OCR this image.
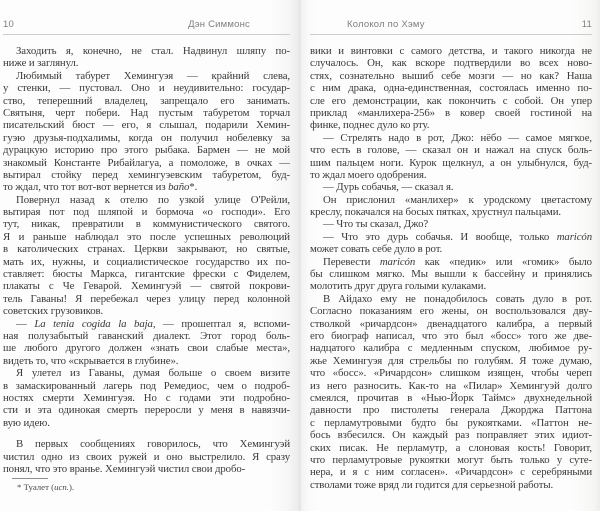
10	Дэн Симмонс
Заходить я, конечно, не стал. Надвинул шляпу по-
ниже и заглянул.
Любимый табурет Хемингуэя — крайний слева,
у стенки, — пустовал. Оно и неудивительно: государ-
ство, теперешний владелец, запрещало его занимать.
Святыня, черт побери. Над пустым табуретом торчал
писательский бюст — его, я слышал, подарили Хемин-
гуэю друзья-подхалимы, когда он получил нобелевку за
дурацкую историю про этого рыбака. Бармен — не мой
знакомый Константе Рибайлагуа, а помоложе, в очках —
вытирал стойку перед хемингуэевским табуретом, буд-
то ждал, что тот вот-вот вернется из baño*.
Повернул назад к отелю по узкой улице О'Рейли,
вытирая пот под шляпой и бормоча «о господи». Его
тут, никак, превратили в коммунистического святого.
Я и раньше наблюдал это после успешных революций
в католических странах. Церкви закрывают, но святые,
мать их, нужны, и социалистическое государство их по-
ставляет: бюсты Маркса, гигантские фрески с Фиделем,
плакаты с Че Геварой. Хемингуэй — святой покрови-
тель Гаваны! Я перебежал через улицу перед колонной
советских грузовиков.
— La tenia cogida la baja, — прошептал я, вспоми-
ная полузабытый гаванский диалект. Этот город боль-
ше любого другого должен «знать свои слабые места»,
видеть то, что «скрывается в глубине».
Я улетел из Гаваны, думая больше о своем визите
в замаскированный лагерь под Ремедиос, чем о подроб-
ностях смерти Хемингуэя. Но с годами эти подробно-
сти и эта одинокая смерть переросли у меня в навязчи-
вую идею.
В первых сообщениях говорилось, что Хемингуэй
чистил одно из своих ружей и оно выстрелило. Я сразу
понял, что это вранье. Хемингуэй чистил свои дробо-
* Туалет (исп.).
Колокол по Хэму	11
вики и винтовки с самого детства, и такого никогда не
случалось. Он, как вскоре подтвердили во всех ново-
стях, сознательно вышиб себе мозги — но как? Наша
с ним драка, одна-единственная, состоялась именно по-
сле его демонстрации, как покончить с собой. Он упер
приклад «манлихера-256» в ковер своей гостиной на
финке, поднес дуло ко рту.
— Стрелять надо в рот, Джо: нёбо — самое мягкое,
что есть в голове, — сказал он и нажал на спуск боль-
шим пальцем ноги. Курок щелкнул, а он улыбнулся, буд-
то ждал моего одобрения.
— Дурь собачья, — сказал я.
Он прислонил «манлихер» к уродскому цветастому
креслу, покачался на босых пятках, хрустнул пальцами.
— Что ты сказал, Джо?
— Что это дурь собачья. И вообще, только maricón
может совать себе дуло в рот.
Перевести maricón как «педик» или «гомик» было
бы слишком мягко. Мы вышли к бассейну и принялись
молотить друг друга голыми кулаками.
В Айдахо ему не понадобилось совать дуло в рот.
Согласно показаниям его жены, он воспользовался дву-
стволкой «ричардсон» двенадцатого калибра, а первый
его биограф написал, что это был «босс» того же две-
надцатого калибра с медленным спуском, любимое ру-
жье Хемингуэя для стрельбы по голубям. Я тоже думаю,
что «босс». «Ричардсон» слишком изящен, чтобы череп
из него разносить. Как-то на «Пилар» Хемингуэй долго
смеялся, прочитав в «Нью-Йорк Таймс» двухнедельной
давности про пистолеты генерала Джорджа Паттона
с перламутровыми будто бы рукоятками. «Паттон не-
бось взбесился. Он каждый раз поправляет этих идиот-
ских писак. Не перламутр, а слоновая кость! Говорит,
что перламутровые рукоятки могут быть только у суте-
нера, и я с ним согласен». «Ричардсон» с серебряными
стволами тоже вряд ли годится для серьезной работы.
